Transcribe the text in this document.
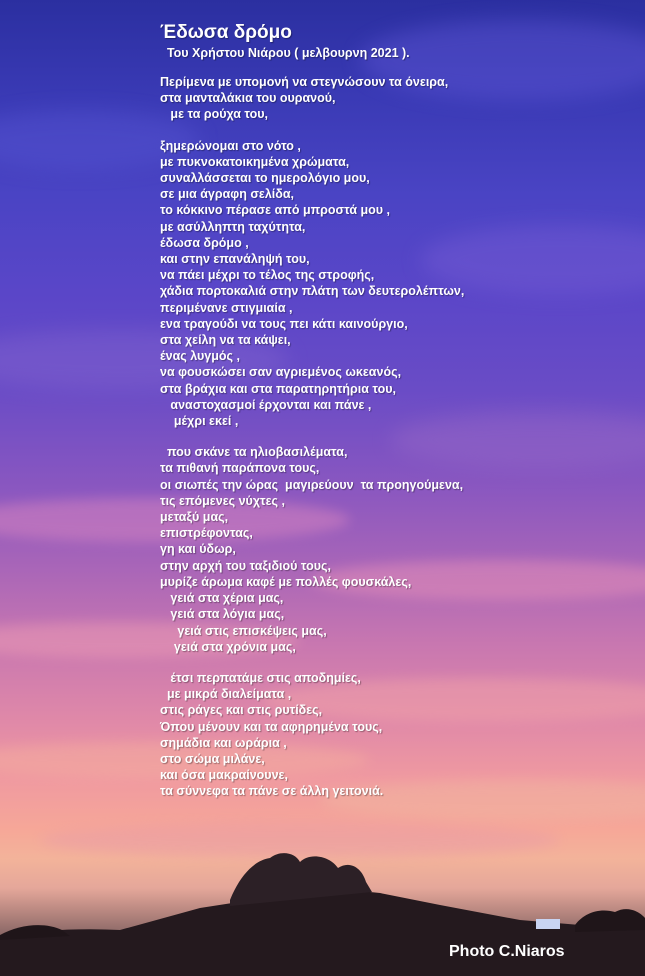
Έδωσα δρόμο
Του Χρήστου Νιάρου ( μελβουρνη 2021 ).
Περίμενα με υπομονή να στεγνώσουν τα όνειρα,
στα μανταλάκια του ουρανού,
με τα ρούχα του,
ξημερώνομαι στο νότο ,
με πυκνοκατοικημένα χρώματα,
συναλλάσσεται το ημερολόγιο μου,
σε μια άγραφη σελίδα,
το κόκκινο πέρασε από μπροστά μου ,
με ασύλληπτη ταχύτητα,
έδωσα δρόμο ,
και στην επανάληψή του,
να πάει μέχρι το τέλος της στροφής,
χάδια πορτοκαλιά στην πλάτη των δευτερολέπτων,
περιμένανε στιγμιαία ,
ενα τραγούδι να τους πει κάτι καινούργιο,
στα χείλη να τα κάψει,
ένας λυγμός ,
να φουσκώσει σαν αγριεμένος ωκεανός,
στα βράχια και στα παρατηρητήρια του,
αναστοχασμοί έρχονται και πάνε ,
μέχρι εκεί ,
που σκάνε τα ηλιοβασιλέματα,
τα πιθανή παράπονα τους,
οι σιωπές την ώρας  μαγιρεύουν  τα προηγούμενα,
τις επόμενες νύχτες ,
μεταξύ μας,
επιστρέφοντας,
γη και ύδωρ,
στην αρχή του ταξιδιού τους,
μυρίζε άρωμα καφέ με πολλές φουσκάλες,
γειά στα χέρια μας,
γειά στα λόγια μας,
γειά στις επισκέψεις μας,
γειά στα χρόνια μας,
έτσι περπατάμε στις αποδημίες,
με μικρά διαλείματα ,
στις ράγες και στις ρυτίδες,
Όπου μένουν και τα αφηρημένα τους,
σημάδια και ωράρια ,
στο σώμα μιλάνε,
και όσα μακραίνουνε,
τα σύννεφα τα πάνε σε άλλη γειτονιά.
Photo C.Niaros
